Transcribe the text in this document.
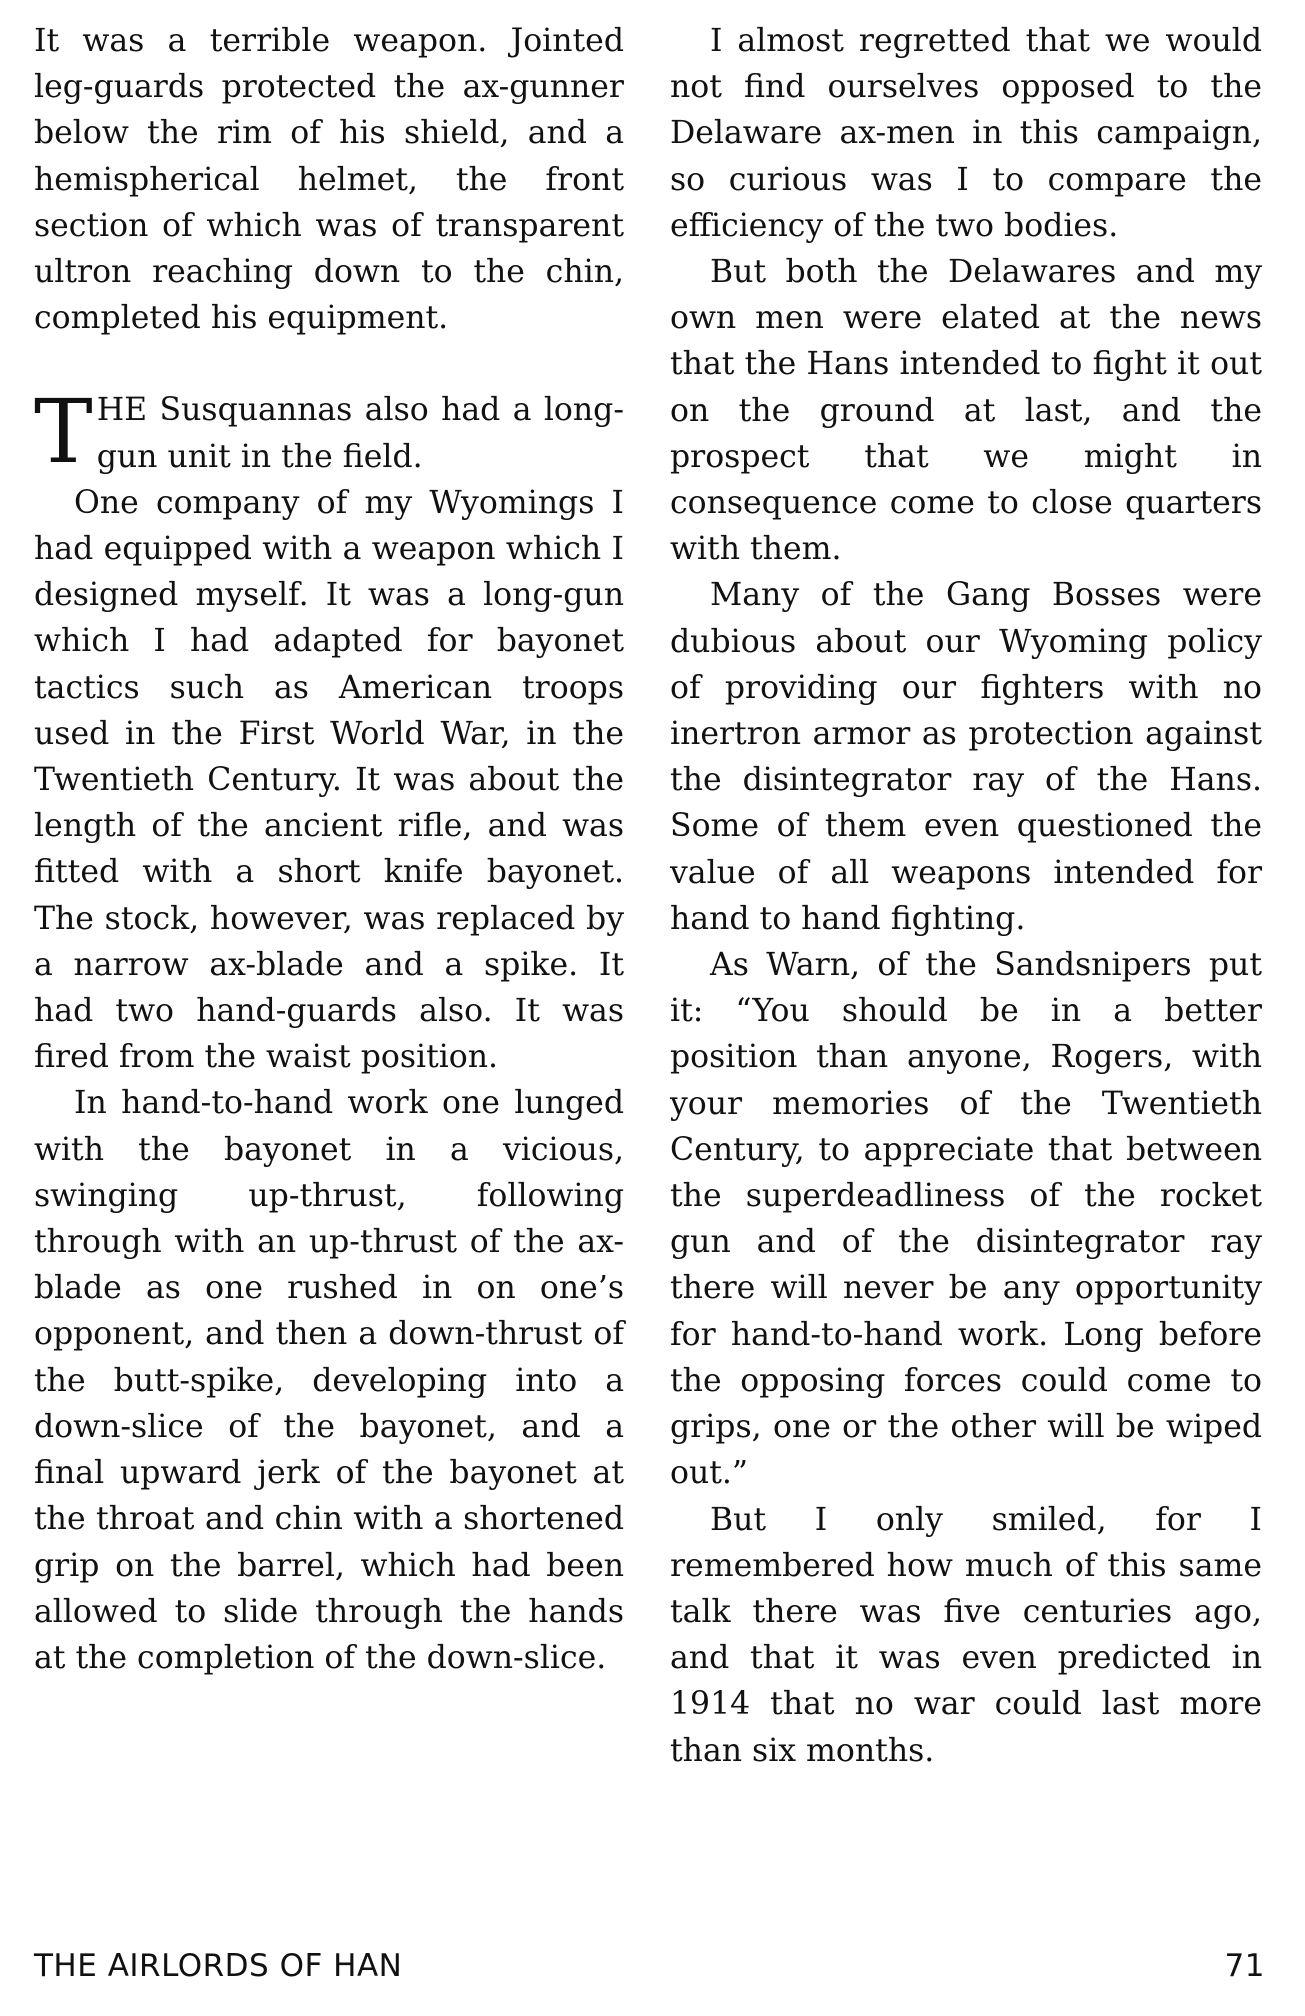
It was a terrible weapon. Jointed leg-guards protected the ax-gunner below the rim of his shield, and a hemispherical helmet, the front section of which was of transparent ultron reaching down to the chin, completed his equipment.

THE Susquannas also had a long-gun unit in the field.

One company of my Wyomings I had equipped with a weapon which I designed myself. It was a long-gun which I had adapted for bayonet tactics such as American troops used in the First World War, in the Twentieth Century. It was about the length of the ancient rifle, and was fitted with a short knife bayonet. The stock, however, was replaced by a narrow ax-blade and a spike. It had two hand-guards also. It was fired from the waist position.

In hand-to-hand work one lunged with the bayonet in a vicious, swinging up-thrust, following through with an up-thrust of the ax-blade as one rushed in on one’s opponent, and then a down-thrust of the butt-spike, developing into a down-slice of the bayonet, and a final upward jerk of the bayonet at the throat and chin with a shortened grip on the barrel, which had been allowed to slide through the hands at the completion of the down-slice.

I almost regretted that we would not find ourselves opposed to the Delaware ax-men in this campaign, so curious was I to compare the efficiency of the two bodies.

But both the Delawares and my own men were elated at the news that the Hans intended to fight it out on the ground at last, and the prospect that we might in consequence come to close quarters with them.

Many of the Gang Bosses were dubious about our Wyoming policy of providing our fighters with no inertron armor as protection against the disintegrator ray of the Hans. Some of them even questioned the value of all weapons intended for hand to hand fighting.

As Warn, of the Sandsnipers put it: “You should be in a better position than anyone, Rogers, with your memories of the Twentieth Century, to appreciate that between the superdeadliness of the rocket gun and of the disintegrator ray there will never be any opportunity for hand-to-hand work. Long before the opposing forces could come to grips, one or the other will be wiped out.”

But I only smiled, for I remembered how much of this same talk there was five centuries ago, and that it was even predicted in 1914 that no war could last more than six months.

THE AIRLORDS OF HAN	71
